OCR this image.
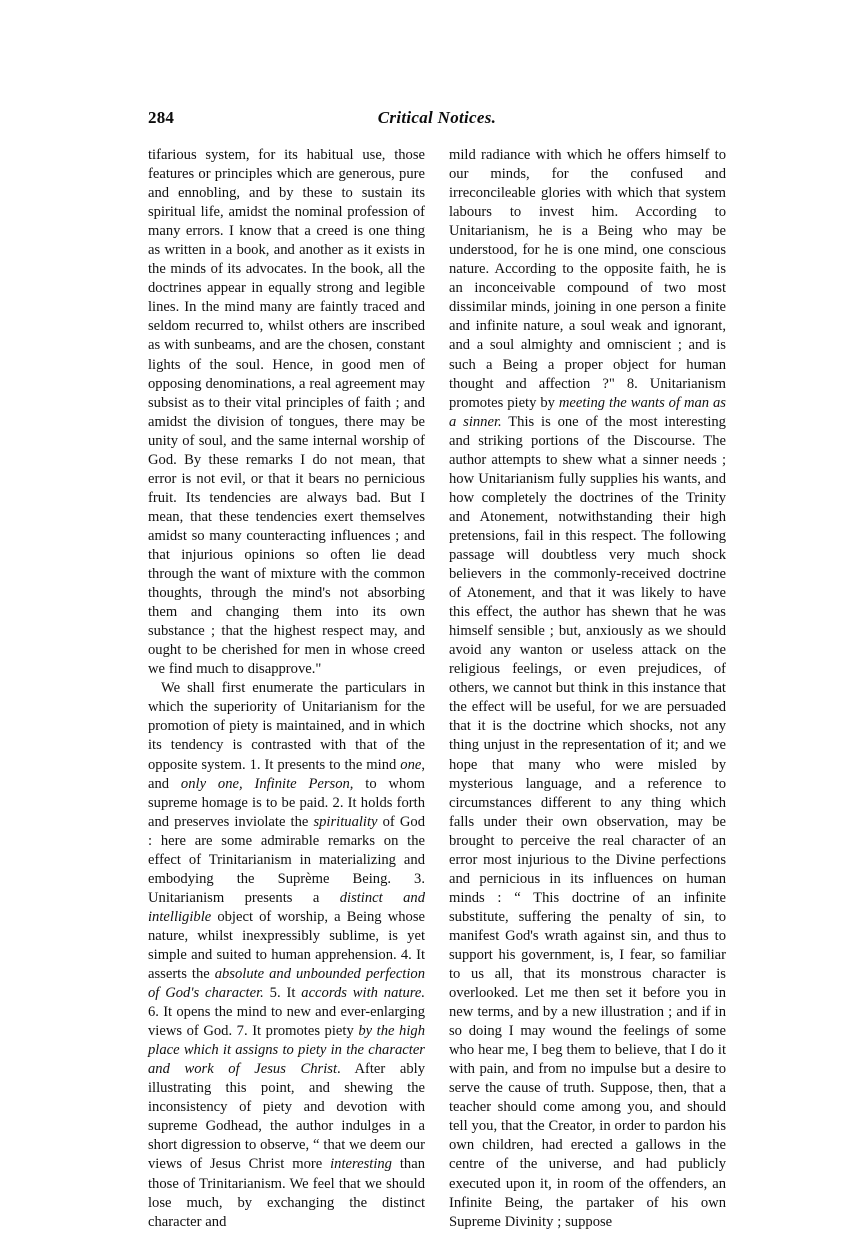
284	Critical Notices.

tifarious system, for its habitual use, those features or principles which are generous, pure and ennobling, and by these to sustain its spiritual life, amidst the nominal profession of many errors. I know that a creed is one thing as written in a book, and another as it exists in the minds of its advocates. In the book, all the doctrines appear in equally strong and legible lines. In the mind many are faintly traced and seldom recurred to, whilst others are inscribed as with sunbeams, and are the chosen, constant lights of the soul. Hence, in good men of opposing denominations, a real agreement may subsist as to their vital principles of faith ; and amidst the division of tongues, there may be unity of soul, and the same internal worship of God. By these remarks I do not mean, that error is not evil, or that it bears no pernicious fruit. Its tendencies are always bad. But I mean, that these tendencies exert themselves amidst so many counteracting influences ; and that injurious opinions so often lie dead through the want of mixture with the common thoughts, through the mind's not absorbing them and changing them into its own substance ; that the highest respect may, and ought to be cherished for men in whose creed we find much to disapprove."

We shall first enumerate the particulars in which the superiority of Unitarianism for the promotion of piety is maintained, and in which its tendency is contrasted with that of the opposite system. 1. It presents to the mind one, and only one, Infinite Person, to whom supreme homage is to be paid. 2. It holds forth and preserves inviolate the spirituality of God : here are some admirable remarks on the effect of Trinitarianism in materializing and embodying the Suprème Being. 3. Unitarianism presents a distinct and intelligible object of worship, a Being whose nature, whilst inexpressibly sublime, is yet simple and suited to human apprehension. 4. It asserts the absolute and unbounded perfection of God's character. 5. It accords with nature. 6. It opens the mind to new and ever-enlarging views of God. 7. It promotes piety by the high place which it assigns to piety in the character and work of Jesus Christ. After ably illustrating this point, and shewing the inconsistency of piety and devotion with supreme Godhead, the author indulges in a short digression to observe, “ that we deem our views of Jesus Christ more interesting than those of Trinitarianism. We feel that we should lose much, by exchanging the distinct character and

mild radiance with which he offers himself to our minds, for the confused and irreconcileable glories with which that system labours to invest him. According to Unitarianism, he is a Being who may be understood, for he is one mind, one conscious nature. According to the opposite faith, he is an inconceivable compound of two most dissimilar minds, joining in one person a finite and infinite nature, a soul weak and ignorant, and a soul almighty and omniscient ; and is such a Being a proper object for human thought and affection ?" 8. Unitarianism promotes piety by meeting the wants of man as a sinner. This is one of the most interesting and striking portions of the Discourse. The author attempts to shew what a sinner needs ; how Unitarianism fully supplies his wants, and how completely the doctrines of the Trinity and Atonement, notwithstanding their high pretensions, fail in this respect. The following passage will doubtless very much shock believers in the commonly-received doctrine of Atonement, and that it was likely to have this effect, the author has shewn that he was himself sensible ; but, anxiously as we should avoid any wanton or useless attack on the religious feelings, or even prejudices, of others, we cannot but think in this instance that the effect will be useful, for we are persuaded that it is the doctrine which shocks, not any thing unjust in the representation of it; and we hope that many who were misled by mysterious language, and a reference to circumstances different to any thing which falls under their own observation, may be brought to perceive the real character of an error most injurious to the Divine perfections and pernicious in its influences on human minds : “ This doctrine of an infinite substitute, suffering the penalty of sin, to manifest God's wrath against sin, and thus to support his government, is, I fear, so familiar to us all, that its monstrous character is overlooked. Let me then set it before you in new terms, and by a new illustration ; and if in so doing I may wound the feelings of some who hear me, I beg them to believe, that I do it with pain, and from no impulse but a desire to serve the cause of truth. Suppose, then, that a teacher should come among you, and should tell you, that the Creator, in order to pardon his own children, had erected a gallows in the centre of the universe, and had publicly executed upon it, in room of the offenders, an Infinite Being, the partaker of his own Supreme Divinity ; suppose
